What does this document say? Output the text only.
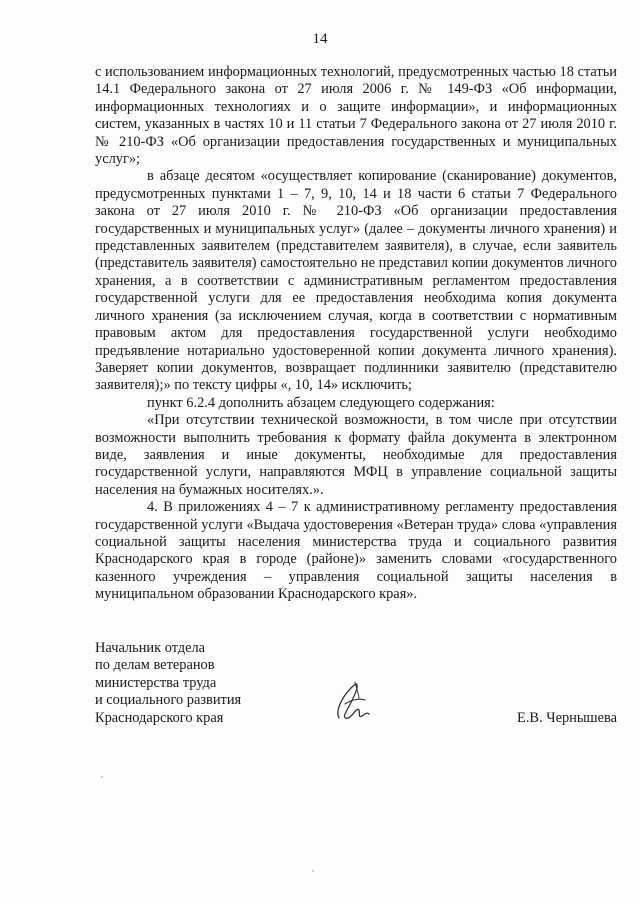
14

с использованием информационных технологий, предусмотренных частью 18 статьи 14.1 Федерального закона от 27 июля 2006 г. № 149-ФЗ «Об информации, информационных технологиях и о защите информации», и информационных систем, указанных в частях 10 и 11 статьи 7 Федерального закона от 27 июля 2010 г. № 210-ФЗ «Об организации предоставления государственных и муниципальных услуг»;

в абзаце десятом «осуществляет копирование (сканирование) документов, предусмотренных пунктами 1 – 7, 9, 10, 14 и 18 части 6 статьи 7 Федерального закона от 27 июля 2010 г. № 210-ФЗ «Об организации предоставления государственных и муниципальных услуг» (далее – документы личного хранения) и представленных заявителем (представителем заявителя), в случае, если заявитель (представитель заявителя) самостоятельно не представил копии документов личного хранения, а в соответствии с административным регламентом предоставления государственной услуги для ее предоставления необходима копия документа личного хранения (за исключением случая, когда в соответствии с нормативным правовым актом для предоставления государственной услуги необходимо предъявление нотариально удостоверенной копии документа личного хранения). Заверяет копии документов, возвращает подлинники заявителю (представителю заявителя);» по тексту цифры «, 10, 14» исключить;

пункт 6.2.4 дополнить абзацем следующего содержания:

«При отсутствии технической возможности, в том числе при отсутствии возможности выполнить требования к формату файла документа в электронном виде, заявления и иные документы, необходимые для предоставления государственной услуги, направляются МФЦ в управление социальной защиты населения на бумажных носителях.».

4. В приложениях 4 – 7 к административному регламенту предоставления государственной услуги «Выдача удостоверения «Ветеран труда» слова «управления социальной защиты населения министерства труда и социального развития Краснодарского края в городе (районе)» заменить словами «государственного казенного учреждения – управления социальной защиты населения в муниципальном образовании Краснодарского края».

Начальник отдела
по делам ветеранов
министерства труда
и социального развития
Краснодарского края	Е.В. Чернышева
